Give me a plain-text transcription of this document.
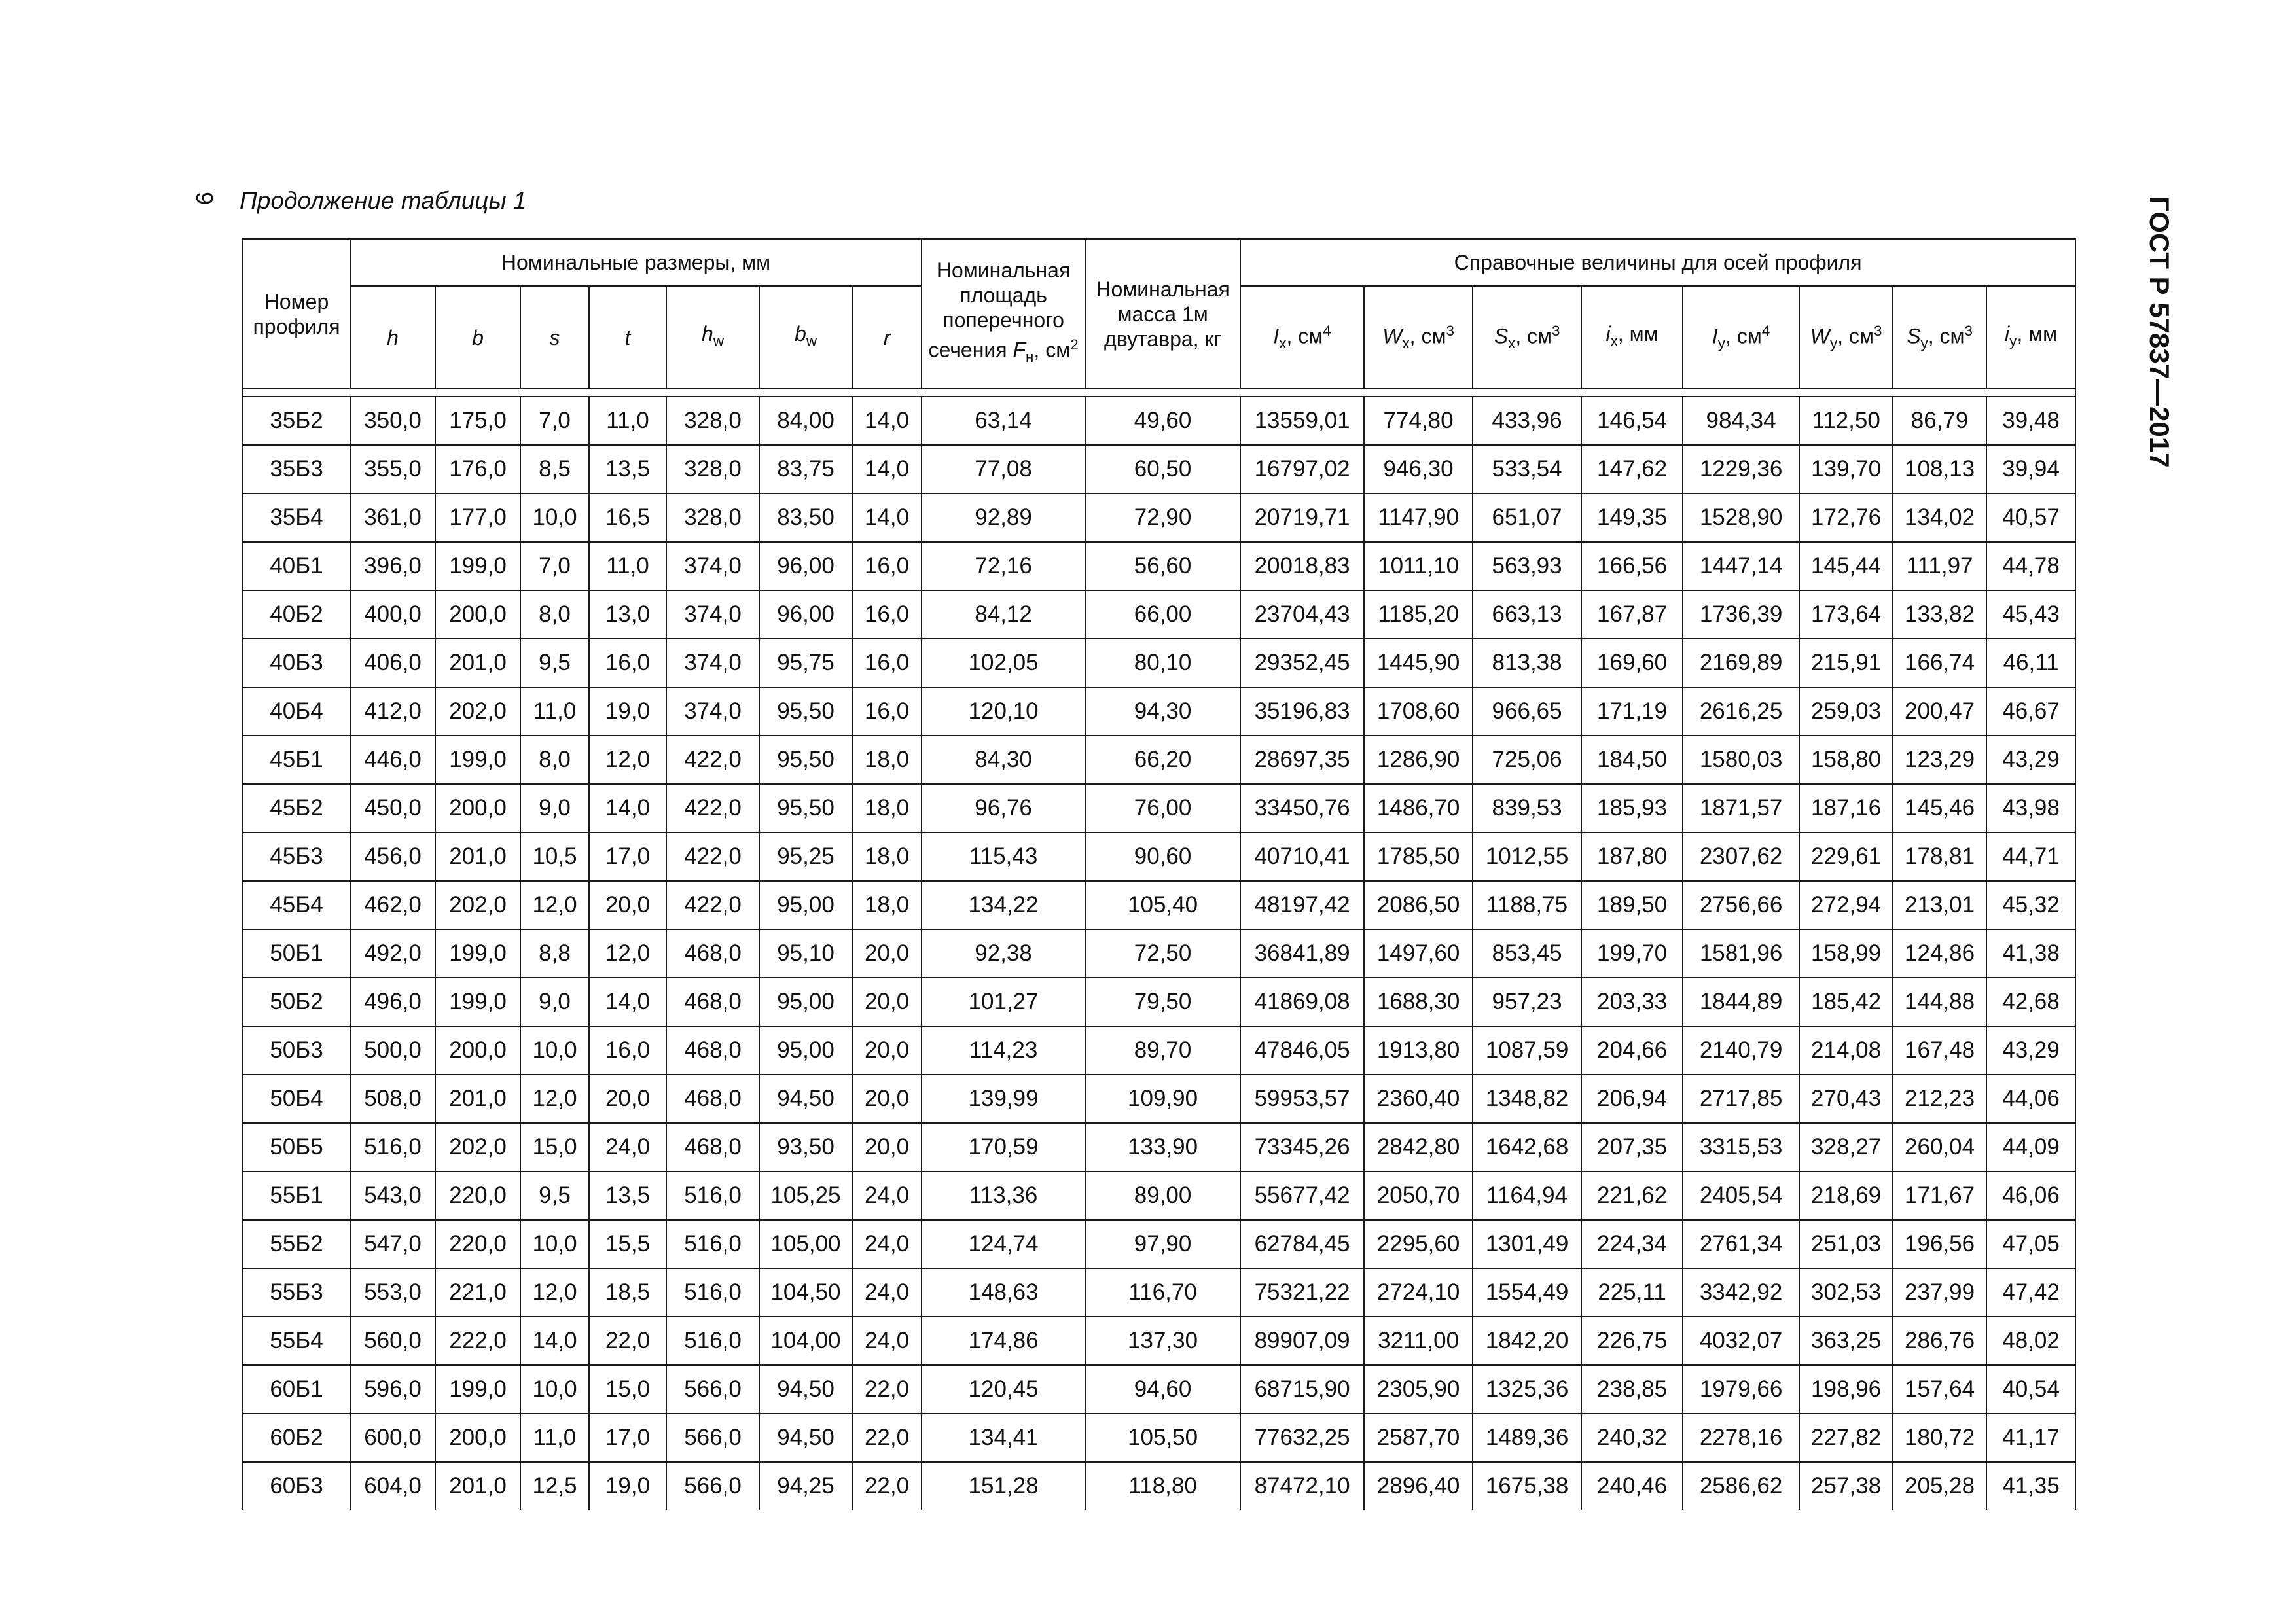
9 Продолжение таблицы 1	ГОСТ Р 57837—2017
Номер профиля	Номинальные размеры, мм							Номинальная площадь поперечного сечения $F_н$, $см^2$	Номинальная масса 1м двутавра, кг	Справочные величины для осей профиля							
	h	b	s	t	$h_w$	$b_w$	r			$I_x$, $см^4$	$W_x$, $см^3$	$S_x$, $см^3$	$i_x$, мм	$I_y$, $см^4$	$W_y$, $см^3$	$S_y$, $см^3$	$i_y$, мм

35Б2	350,0	175,0	7,0	11,0	328,0	84,00	14,0	63,14	49,60	13559,01	774,80	433,96	146,54	984,34	112,50	86,79	39,48
35Б3	355,0	176,0	8,5	13,5	328,0	83,75	14,0	77,08	60,50	16797,02	946,30	533,54	147,62	1229,36	139,70	108,13	39,94
35Б4	361,0	177,0	10,0	16,5	328,0	83,50	14,0	92,89	72,90	20719,71	1147,90	651,07	149,35	1528,90	172,76	134,02	40,57
40Б1	396,0	199,0	7,0	11,0	374,0	96,00	16,0	72,16	56,60	20018,83	1011,10	563,93	166,56	1447,14	145,44	111,97	44,78
40Б2	400,0	200,0	8,0	13,0	374,0	96,00	16,0	84,12	66,00	23704,43	1185,20	663,13	167,87	1736,39	173,64	133,82	45,43
40Б3	406,0	201,0	9,5	16,0	374,0	95,75	16,0	102,05	80,10	29352,45	1445,90	813,38	169,60	2169,89	215,91	166,74	46,11
40Б4	412,0	202,0	11,0	19,0	374,0	95,50	16,0	120,10	94,30	35196,83	1708,60	966,65	171,19	2616,25	259,03	200,47	46,67
45Б1	446,0	199,0	8,0	12,0	422,0	95,50	18,0	84,30	66,20	28697,35	1286,90	725,06	184,50	1580,03	158,80	123,29	43,29
45Б2	450,0	200,0	9,0	14,0	422,0	95,50	18,0	96,76	76,00	33450,76	1486,70	839,53	185,93	1871,57	187,16	145,46	43,98
45Б3	456,0	201,0	10,5	17,0	422,0	95,25	18,0	115,43	90,60	40710,41	1785,50	1012,55	187,80	2307,62	229,61	178,81	44,71
45Б4	462,0	202,0	12,0	20,0	422,0	95,00	18,0	134,22	105,40	48197,42	2086,50	1188,75	189,50	2756,66	272,94	213,01	45,32
50Б1	492,0	199,0	8,8	12,0	468,0	95,10	20,0	92,38	72,50	36841,89	1497,60	853,45	199,70	1581,96	158,99	124,86	41,38
50Б2	496,0	199,0	9,0	14,0	468,0	95,00	20,0	101,27	79,50	41869,08	1688,30	957,23	203,33	1844,89	185,42	144,88	42,68
50Б3	500,0	200,0	10,0	16,0	468,0	95,00	20,0	114,23	89,70	47846,05	1913,80	1087,59	204,66	2140,79	214,08	167,48	43,29
50Б4	508,0	201,0	12,0	20,0	468,0	94,50	20,0	139,99	109,90	59953,57	2360,40	1348,82	206,94	2717,85	270,43	212,23	44,06
50Б5	516,0	202,0	15,0	24,0	468,0	93,50	20,0	170,59	133,90	73345,26	2842,80	1642,68	207,35	3315,53	328,27	260,04	44,09
55Б1	543,0	220,0	9,5	13,5	516,0	105,25	24,0	113,36	89,00	55677,42	2050,70	1164,94	221,62	2405,54	218,69	171,67	46,06
55Б2	547,0	220,0	10,0	15,5	516,0	105,00	24,0	124,74	97,90	62784,45	2295,60	1301,49	224,34	2761,34	251,03	196,56	47,05
55Б3	553,0	221,0	12,0	18,5	516,0	104,50	24,0	148,63	116,70	75321,22	2724,10	1554,49	225,11	3342,92	302,53	237,99	47,42
55Б4	560,0	222,0	14,0	22,0	516,0	104,00	24,0	174,86	137,30	89907,09	3211,00	1842,20	226,75	4032,07	363,25	286,76	48,02
60Б1	596,0	199,0	10,0	15,0	566,0	94,50	22,0	120,45	94,60	68715,90	2305,90	1325,36	238,85	1979,66	198,96	157,64	40,54
60Б2	600,0	200,0	11,0	17,0	566,0	94,50	22,0	134,41	105,50	77632,25	2587,70	1489,36	240,32	2278,16	227,82	180,72	41,17
60Б3	604,0	201,0	12,5	19,0	566,0	94,25	22,0	151,28	118,80	87472,10	2896,40	1675,38	240,46	2586,62	257,38	205,28	41,35
